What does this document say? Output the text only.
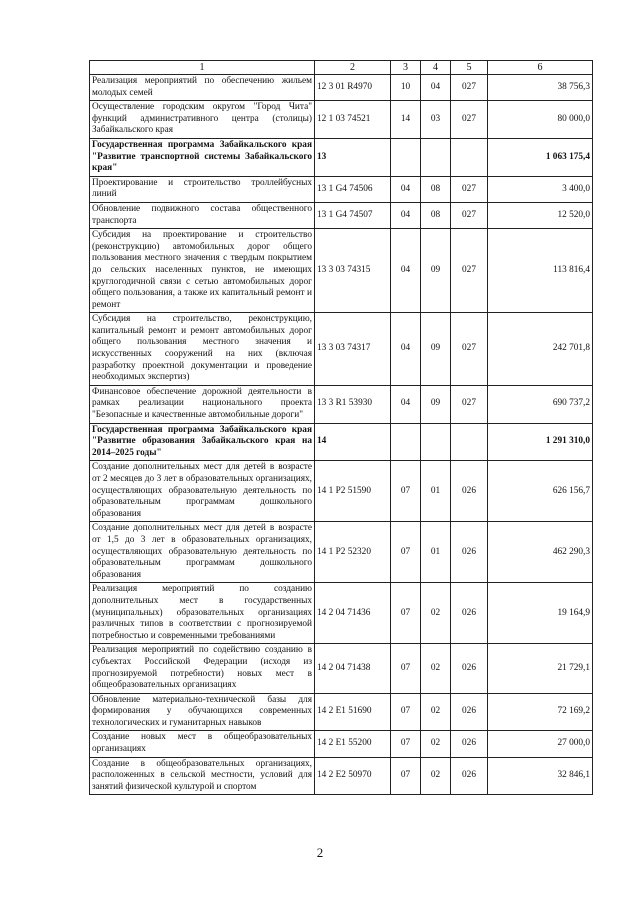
1	2	3	4	5	6
Реализация мероприятий по обеспечению жильем молодых семей	12 3 01 R4970	10	04	027	38 756,3
Осуществление городским округом "Город Чита" функций административного центра (столицы) Забайкальского края	12 1 03 74521	14	03	027	80 000,0
Государственная программа Забайкальского края "Развитие транспортной системы Забайкальского края"	13				1 063 175,4
Проектирование и строительство троллейбусных линий	13 1 G4 74506	04	08	027	3 400,0
Обновление подвижного состава общественного транспорта	13 1 G4 74507	04	08	027	12 520,0
Субсидия на проектирование и строительство (реконструкцию) автомобильных дорог общего пользования местного значения с твердым покрытием до сельских населенных пунктов, не имеющих круглогодичной связи с сетью автомобильных дорог общего пользования, а также их капитальный ремонт и ремонт	13 3 03 74315	04	09	027	113 816,4
Субсидия на строительство, реконструкцию, капитальный ремонт и ремонт автомобильных дорог общего пользования местного значения и искусственных сооружений на них (включая разработку проектной документации и проведение необходимых экспертиз)	13 3 03 74317	04	09	027	242 701,8
Финансовое обеспечение дорожной деятельности в рамках реализации национального проекта "Безопасные и качественные автомобильные дороги"	13 3 R1 53930	04	09	027	690 737,2
Государственная программа Забайкальского края "Развитие образования Забайкальского края на 2014–2025 годы"	14				1 291 310,0
Создание дополнительных мест для детей в возрасте от 2 месяцев до 3 лет в образовательных организациях, осуществляющих образовательную деятельность по образовательным программам дошкольного образования	14 1 P2 51590	07	01	026	626 156,7
Создание дополнительных мест для детей в возрасте от 1,5 до 3 лет в образовательных организациях, осуществляющих образовательную деятельность по образовательным программам дошкольного образования	14 1 P2 52320	07	01	026	462 290,3
Реализация мероприятий по созданию дополнительных мест в государственных (муниципальных) образовательных организациях различных типов в соответствии с прогнозируемой потребностью и современными требованиями	14 2 04 71436	07	02	026	19 164,9
Реализация мероприятий по содействию созданию в субъектах Российской Федерации (исходя из прогнозируемой потребности) новых мест в общеобразовательных организациях	14 2 04 71438	07	02	026	21 729,1
Обновление материально-технической базы для формирования у обучающихся современных технологических и гуманитарных навыков	14 2 E1 51690	07	02	026	72 169,2
Создание новых мест в общеобразовательных организациях	14 2 E1 55200	07	02	026	27 000,0
Создание в общеобразовательных организациях, расположенных в сельской местности, условий для занятий физической культурой и спортом	14 2 E2 50970	07	02	026	32 846,1
2
